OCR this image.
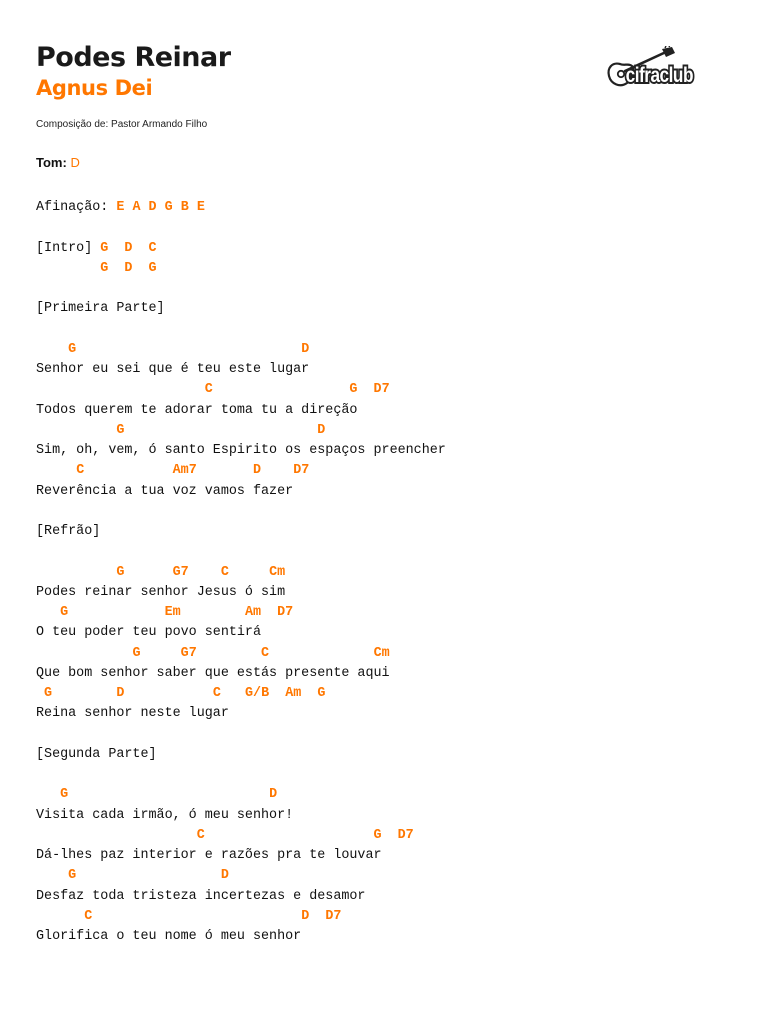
Podes Reinar
Agnus Dei
Composição de: Pastor Armando Filho
cifraclub
Tom: D
Afinação: E A D G B E

[Intro] G D C
G D G

[Primeira Parte]

G	D
Senhor eu sei que é teu este lugar
C	G D7
Todos querem te adorar toma tu a direção
G	D
Sim, oh, vem, ó santo Espirito os espaços preencher
C	Am7	D D7
Reverência a tua voz vamos fazer

[Refrão]

G	G7 C	Cm
Podes reinar senhor Jesus ó sim
G	Em	Am D7
O teu poder teu povo sentirá
G	G7	C	Cm
Que bom senhor saber que estás presente aqui
G	D	C G/B Am G
Reina senhor neste lugar

[Segunda Parte]

G	D
Visita cada irmão, ó meu senhor!
C	G D7
Dá-lhes paz interior e razões pra te louvar
G	D
Desfaz toda tristeza incertezas e desamor
C	D D7
Glorifica o teu nome ó meu senhor
